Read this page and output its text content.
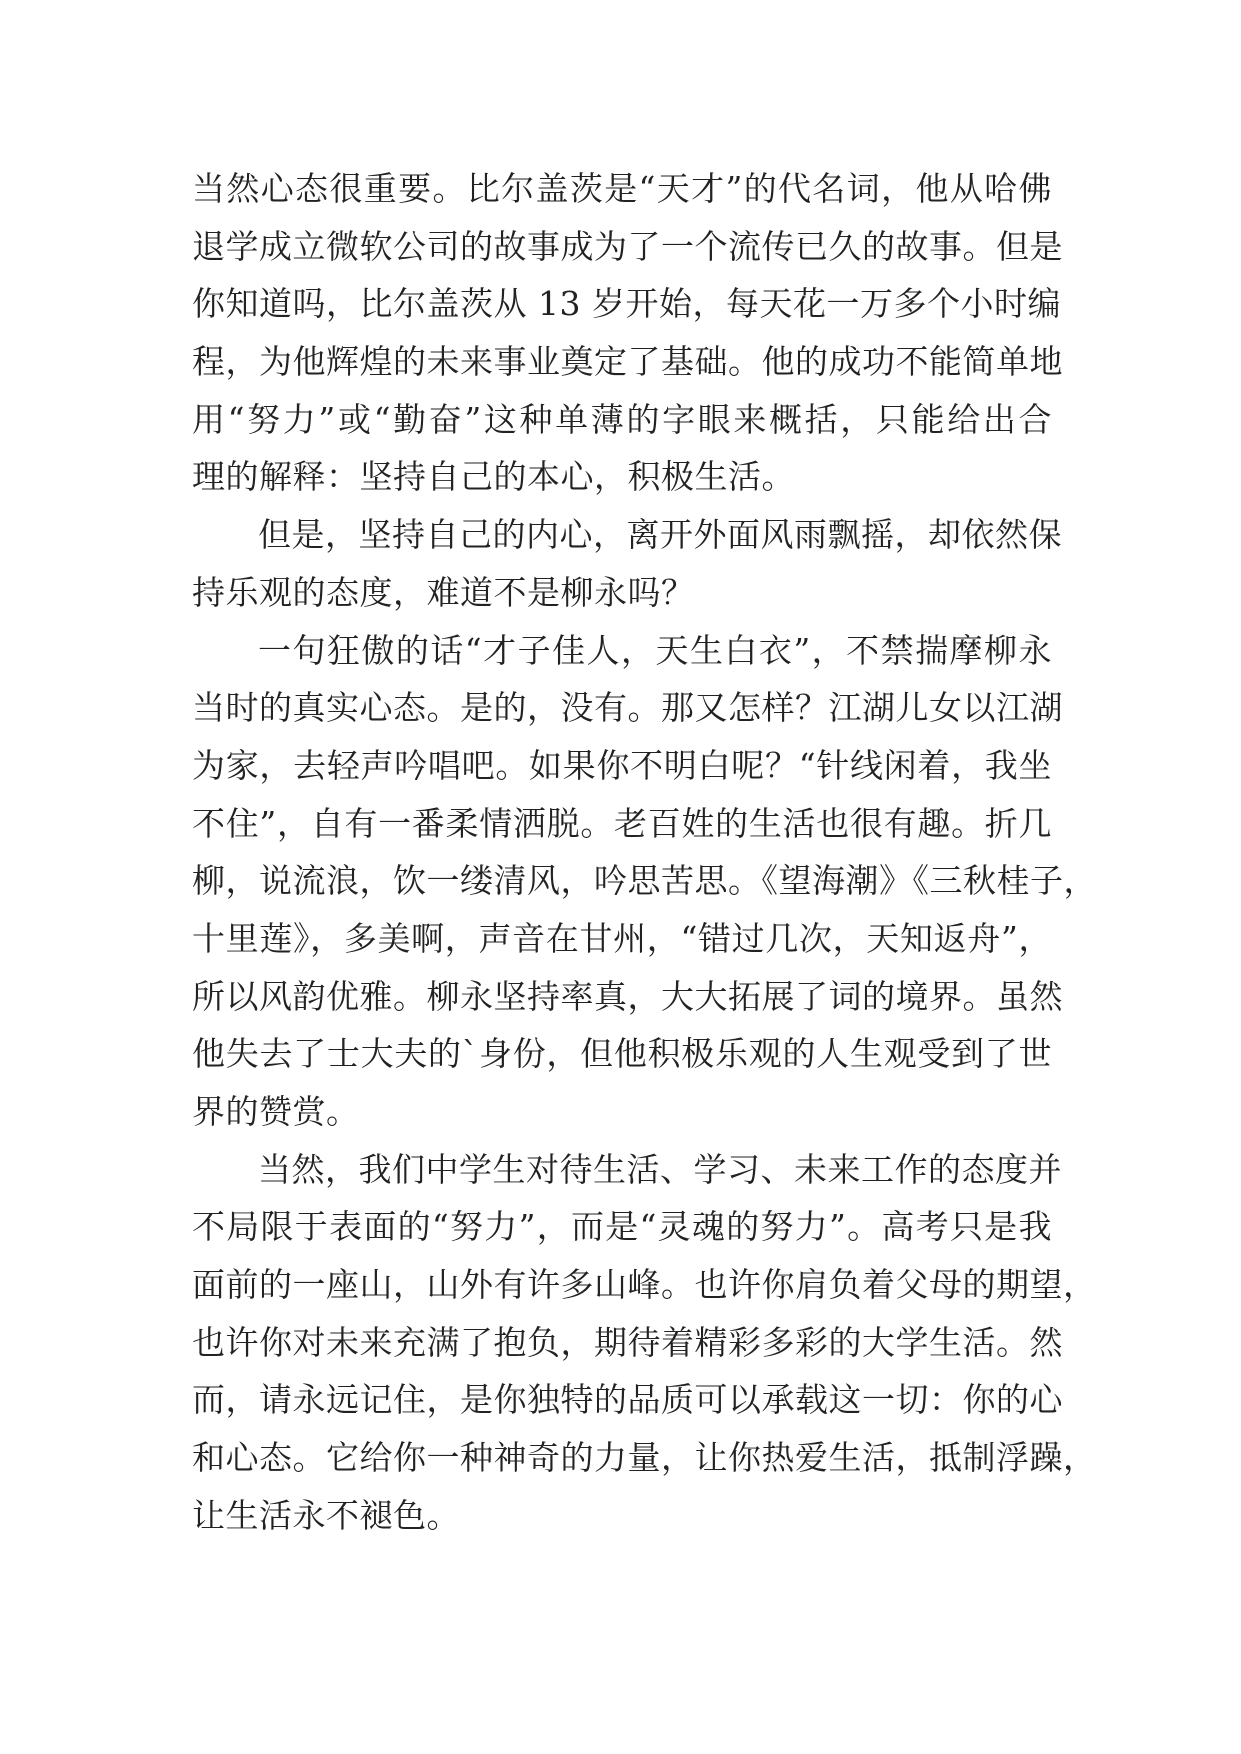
当然心态很重要。比尔盖茨是“天才”的代名词，他从哈佛
退学成立微软公司的故事成为了一个流传已久的故事。但是
你知道吗，比尔盖茨从 13 岁开始，每天花一万多个小时编
程，为他辉煌的未来事业奠定了基础。他的成功不能简单地
用“努力”或“勤奋”这种单薄的字眼来概括，只能给出合
理的解释：坚持自己的本心，积极生活。
但是，坚持自己的内心，离开外面风雨飘摇，却依然保
持乐观的态度，难道不是柳永吗？
一句狂傲的话“才子佳人，天生白衣”，不禁揣摩柳永
当时的真实心态。是的，没有。那又怎样？江湖儿女以江湖
为家，去轻声吟唱吧。如果你不明白呢？“针线闲着，我坐
不住”，自有一番柔情洒脱。老百姓的生活也很有趣。折几
柳，说流浪，饮一缕清风，吟思苦思。《望海潮》《三秋桂子，
十里莲》，多美啊，声音在甘州，“错过几次，天知返舟”，
所以风韵优雅。柳永坚持率真，大大拓展了词的境界。虽然
他失去了士大夫的`身份，但他积极乐观的人生观受到了世
界的赞赏。
当然，我们中学生对待生活、学习、未来工作的态度并
不局限于表面的“努力”，而是“灵魂的努力”。高考只是我
面前的一座山，山外有许多山峰。也许你肩负着父母的期望，
也许你对未来充满了抱负，期待着精彩多彩的大学生活。然
而，请永远记住，是你独特的品质可以承载这一切：你的心
和心态。它给你一种神奇的力量，让你热爱生活，抵制浮躁，
让生活永不褪色。
